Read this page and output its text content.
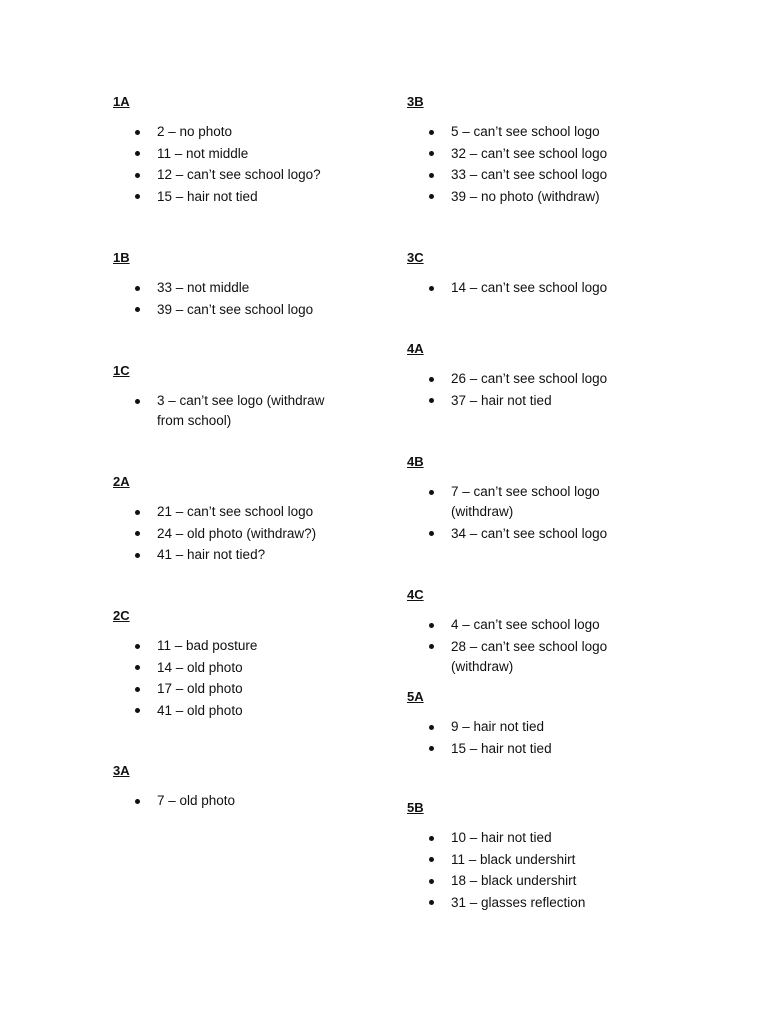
1A
2 – no photo
11 – not middle
12 – can’t see school logo?
15 – hair not tied
1B
33 – not middle
39 – can’t see school logo
1C
3 – can’t see logo (withdraw from school)
2A
21 – can’t see school logo
24 – old photo (withdraw?)
41 – hair not tied?
2C
11 – bad posture
14 – old photo
17 – old photo
41 – old photo
3A
7 – old photo
3B
5 – can’t see school logo
32 – can’t see school logo
33 – can’t see school logo
39 – no photo (withdraw)
3C
14 – can’t see school logo
4A
26 – can’t see school logo
37 – hair not tied
4B
7 – can’t see school logo (withdraw)
34 – can’t see school logo
4C
4 – can’t see school logo
28 – can’t see school logo (withdraw)
5A
9 – hair not tied
15 – hair not tied
5B
10 – hair not tied
11 – black undershirt
18 – black undershirt
31 – glasses reflection
